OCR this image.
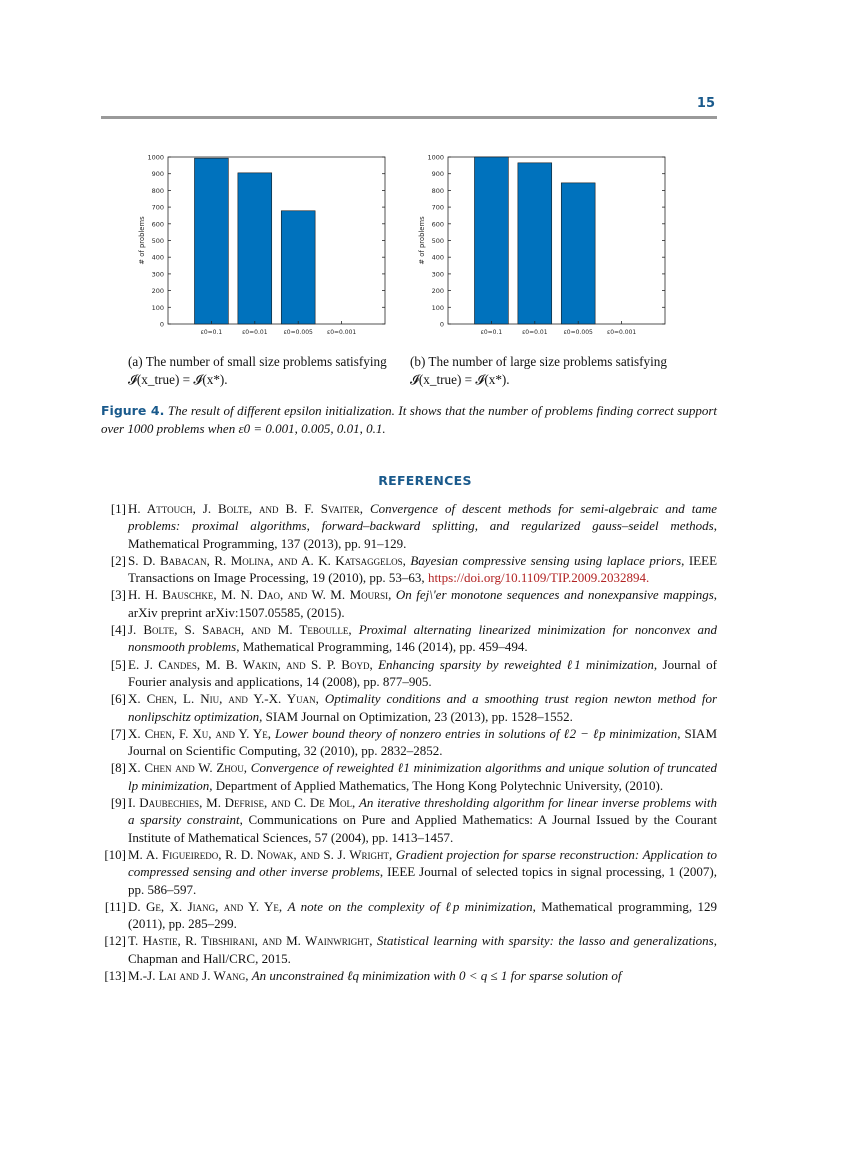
15
0
100
200
300
400
500
600
700
800
900
1000
ε0=0.1	ε0=0.01	ε0=0.005 ε0=0.001
# of problems
0
100
200
300
400
500
600
700
800
900
1000
ε0=0.1	ε0=0.01	ε0=0.005 ε0=0.001
# of problems
(a) The number of small size problems satisfying 𝓘(x_true) = 𝓘(x*).
(b) The number of large size problems satisfying 𝓘(x_true) = 𝓘(x*).
Figure 4. The result of different epsilon initialization. It shows that the number of problems finding correct support over 1000 problems when ε0 = 0.001, 0.005, 0.01, 0.1.
REFERENCES
[1] H. Attouch, J. Bolte, and B. F. Svaiter, Convergence of descent methods for semi-algebraic and tame problems: proximal algorithms, forward–backward splitting, and regularized gauss–seidel methods, Mathematical Programming, 137 (2013), pp. 91–129.
[2] S. D. Babacan, R. Molina, and A. K. Katsaggelos, Bayesian compressive sensing using laplace priors, IEEE Transactions on Image Processing, 19 (2010), pp. 53–63, https://doi.org/10.1109/TIP.2009.2032894.
[3] H. H. Bauschke, M. N. Dao, and W. M. Moursi, On fej\'er monotone sequences and nonexpansive mappings, arXiv preprint arXiv:1507.05585, (2015).
[4] J. Bolte, S. Sabach, and M. Teboulle, Proximal alternating linearized minimization for nonconvex and nonsmooth problems, Mathematical Programming, 146 (2014), pp. 459–494.
[5] E. J. Candes, M. B. Wakin, and S. P. Boyd, Enhancing sparsity by reweighted ℓ1 minimization, Journal of Fourier analysis and applications, 14 (2008), pp. 877–905.
[6] X. Chen, L. Niu, and Y.-X. Yuan, Optimality conditions and a smoothing trust region newton method for nonlipschitz optimization, SIAM Journal on Optimization, 23 (2013), pp. 1528–1552.
[7] X. Chen, F. Xu, and Y. Ye, Lower bound theory of nonzero entries in solutions of ℓ2 − ℓp minimization, SIAM Journal on Scientific Computing, 32 (2010), pp. 2832–2852.
[8] X. Chen and W. Zhou, Convergence of reweighted ℓ1 minimization algorithms and unique solution of truncated lp minimization, Department of Applied Mathematics, The Hong Kong Polytechnic University, (2010).
[9] I. Daubechies, M. Defrise, and C. De Mol, An iterative thresholding algorithm for linear inverse problems with a sparsity constraint, Communications on Pure and Applied Mathematics: A Journal Issued by the Courant Institute of Mathematical Sciences, 57 (2004), pp. 1413–1457.
[10] M. A. Figueiredo, R. D. Nowak, and S. J. Wright, Gradient projection for sparse reconstruction: Application to compressed sensing and other inverse problems, IEEE Journal of selected topics in signal processing, 1 (2007), pp. 586–597.
[11] D. Ge, X. Jiang, and Y. Ye, A note on the complexity of ℓp minimization, Mathematical programming, 129 (2011), pp. 285–299.
[12] T. Hastie, R. Tibshirani, and M. Wainwright, Statistical learning with sparsity: the lasso and generalizations, Chapman and Hall/CRC, 2015.
[13] M.-J. Lai and J. Wang, An unconstrained ℓq minimization with 0 < q ≤ 1 for sparse solution of
